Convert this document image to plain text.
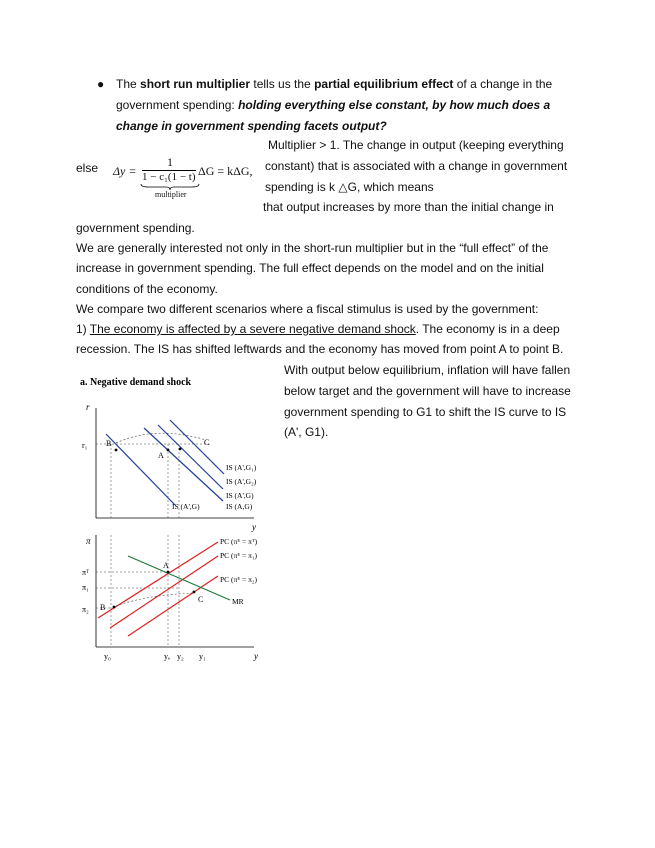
● The short run multiplier tells us the partial equilibrium effect of a change in the
government spending: holding everything else constant, by how much does a
change in government spending facets output?
else Δy =
1
1 − c₁(1 − t) ΔG = kΔG,
multiplier
Multiplier > 1. The change in output (keeping everything
constant) that is associated with a change in government
spending is k △G, which means
that output increases by more than the initial change in
government spending.
We are generally interested not only in the short-run multiplier but in the “full effect” of the
increase in government spending. The full effect depends on the model and on the initial
conditions of the economy.
We compare two different scenarios where a fiscal stimulus is used by the government:
1) The economy is affected by a severe negative demand shock. The economy is in a deep
recession. The IS has shifted leftwards and the economy has moved from point A to point B.
With output below equilibrium, inflation will have fallen
below target and the government will have to increase
government spending to G1 to shift the IS curve to IS
(A', G1).
a. Negative demand shock
r
r₁
y
B
A
C
IS (A',G₁)
IS (A',G₂)
IS (A',G)
IS (A,G)
IS (A',G)
π
πᵀ
π₁
π₂
A
B
C
PC (πᴱ = πᵀ)
PC (πᴱ = π₁)
PC (πᴱ = π₂)
MR
y₀	yₑ y₂ y₁	y
